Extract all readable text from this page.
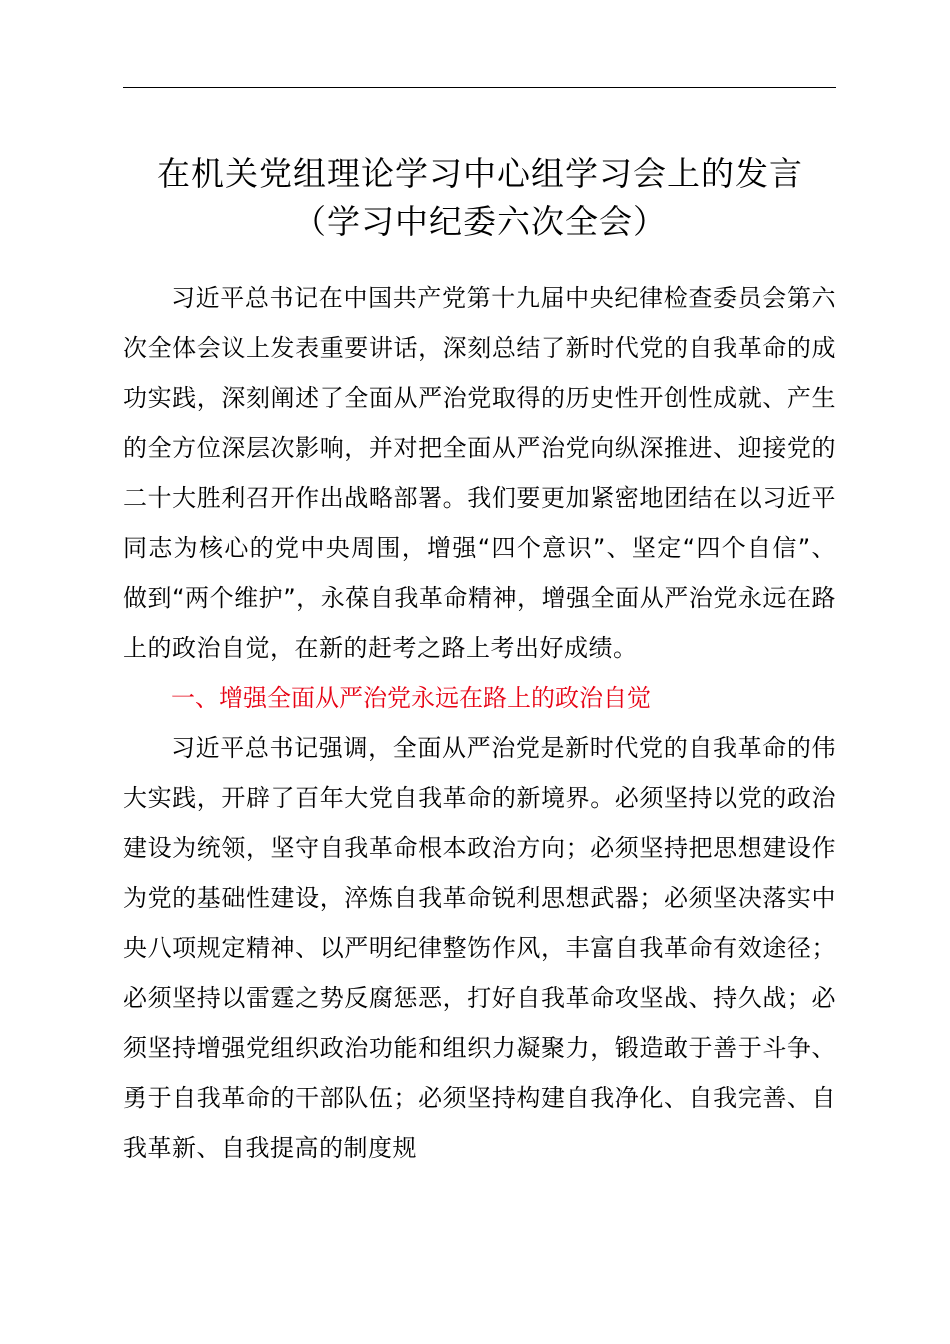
在机关党组理论学习中心组学习会上的发言
（学习中纪委六次全会）

习近平总书记在中国共产党第十九届中央纪律检查委员会第六次全体会议上发表重要讲话，深刻总结了新时代党的自我革命的成功实践，深刻阐述了全面从严治党取得的历史性开创性成就、产生的全方位深层次影响，并对把全面从严治党向纵深推进、迎接党的二十大胜利召开作出战略部署。我们要更加紧密地团结在以习近平同志为核心的党中央周围，增强“四个意识”、坚定“四个自信”、做到“两个维护”，永葆自我革命精神，增强全面从严治党永远在路上的政治自觉，在新的赶考之路上考出好成绩。

一、增强全面从严治党永远在路上的政治自觉

习近平总书记强调，全面从严治党是新时代党的自我革命的伟大实践，开辟了百年大党自我革命的新境界。必须坚持以党的政治建设为统领，坚守自我革命根本政治方向；必须坚持把思想建设作为党的基础性建设，淬炼自我革命锐利思想武器；必须坚决落实中央八项规定精神、以严明纪律整饬作风，丰富自我革命有效途径；必须坚持以雷霆之势反腐惩恶，打好自我革命攻坚战、持久战；必须坚持增强党组织政治功能和组织力凝聚力，锻造敢于善于斗争、勇于自我革命的干部队伍；必须坚持构建自我净化、自我完善、自我革新、自我提高的制度规
